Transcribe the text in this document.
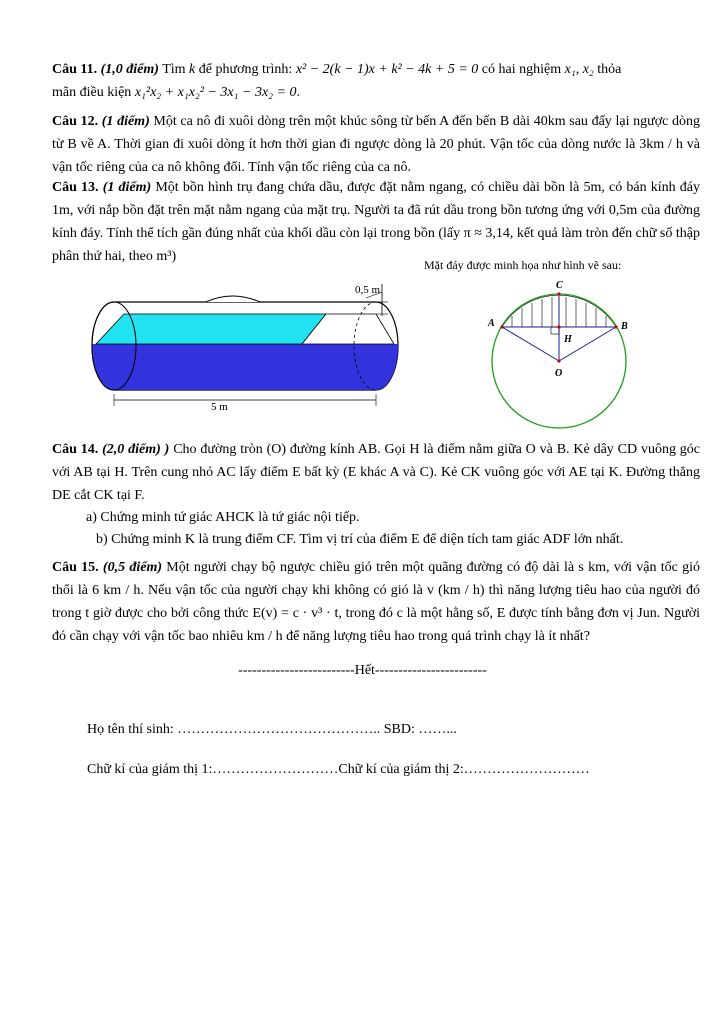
Câu 11. (1,0 điểm) Tìm k để phương trình: x² − 2(k − 1)x + k² − 4k + 5 = 0 có hai nghiệm x₁, x₂ thỏa
mãn điều kiện x₁²x₂ + x₁x₂² − 3x₁ − 3x₂ = 0.
Câu 12. (1 điểm) Một ca nô đi xuôi dòng trên một khúc sông từ bến A đến bến B dài 40km sau đấy lại ngược dòng từ B về A. Thời gian đi xuôi dòng ít hơn thời gian đi ngược dòng là 20 phút. Vận tốc của dòng nước là 3km / h và vận tốc riêng của ca nô không đổi. Tính vận tốc riêng của ca nô.
Câu 13. (1 điểm) Một bồn hình trụ đang chứa dầu, được đặt nằm ngang, có chiều dài bồn là 5m, có bán kính đáy 1m, với nắp bồn đặt trên mặt nằm ngang của mặt trụ. Người ta đã rút dầu trong bồn tương ứng với 0,5m của đường kính đáy. Tính thể tích gần đúng nhất của khối dầu còn lại trong bồn (lấy π ≈ 3,14, kết quả làm tròn đến chữ số thập phân thứ hai, theo m³)
Mặt đáy được minh họa như hình vẽ sau:
0,5 m
5 m
C
A	B
H
O
Câu 14. (2,0 điểm) ) Cho đường tròn (O) đường kính AB. Gọi H là điểm nằm giữa O và B. Kẻ dây CD vuông góc với AB tại H. Trên cung nhỏ AC lấy điểm E bất kỳ (E khác A và C). Kẻ CK vuông góc với AE tại K. Đường thẳng DE cắt CK tại F.
a) Chứng minh tứ giác AHCK là tứ giác nội tiếp.
b) Chứng minh K là trung điểm CF. Tìm vị trí của điểm E để diện tích tam giác ADF lớn nhất.
Câu 15. (0,5 điểm) Một người chạy bộ ngược chiều gió trên một quãng đường có độ dài là s km, với vận tốc gió thổi là 6 km / h. Nếu vận tốc của người chạy khi không có gió là v (km / h) thì năng lượng tiêu hao của người đó trong t giờ được cho bởi công thức E(v) = c · v³ · t, trong đó c là một hằng số, E được tính bằng đơn vị Jun. Người đó cần chạy với vận tốc bao nhiêu km / h để năng lượng tiêu hao trong quá trình chạy là ít nhất?
-------------------------Hết------------------------
Họ tên thí sinh: …………………………………….. SBD: ……...
Chữ kí của giám thị 1:………………………Chữ kí của giám thị 2:………………………
